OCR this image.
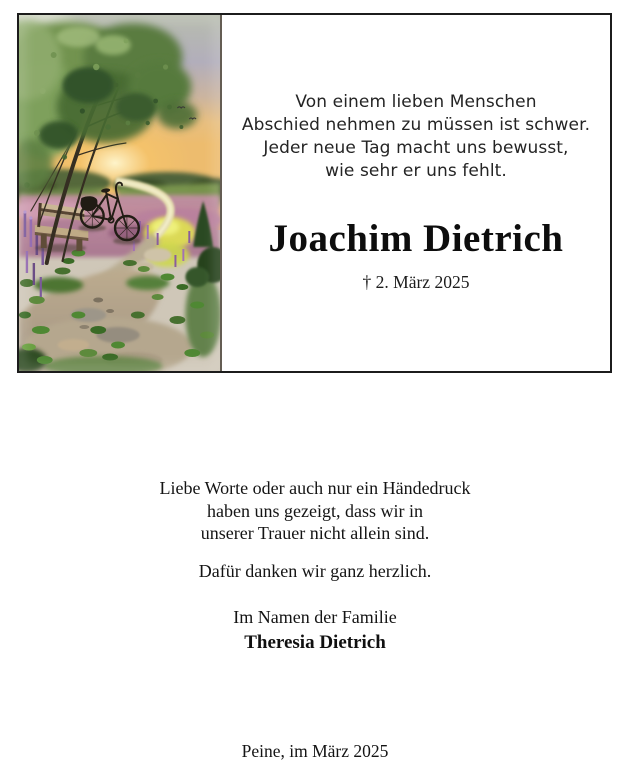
Von einem lieben Menschen
Abschied nehmen zu müssen ist schwer.
Jeder neue Tag macht uns bewusst,
wie sehr er uns fehlt.
Joachim Dietrich
† 2. März 2025
Liebe Worte oder auch nur ein Händedruck
haben uns gezeigt, dass wir in
unserer Trauer nicht allein sind.
Dafür danken wir ganz herzlich.
Im Namen der Familie
Theresia Dietrich
Peine, im März 2025
